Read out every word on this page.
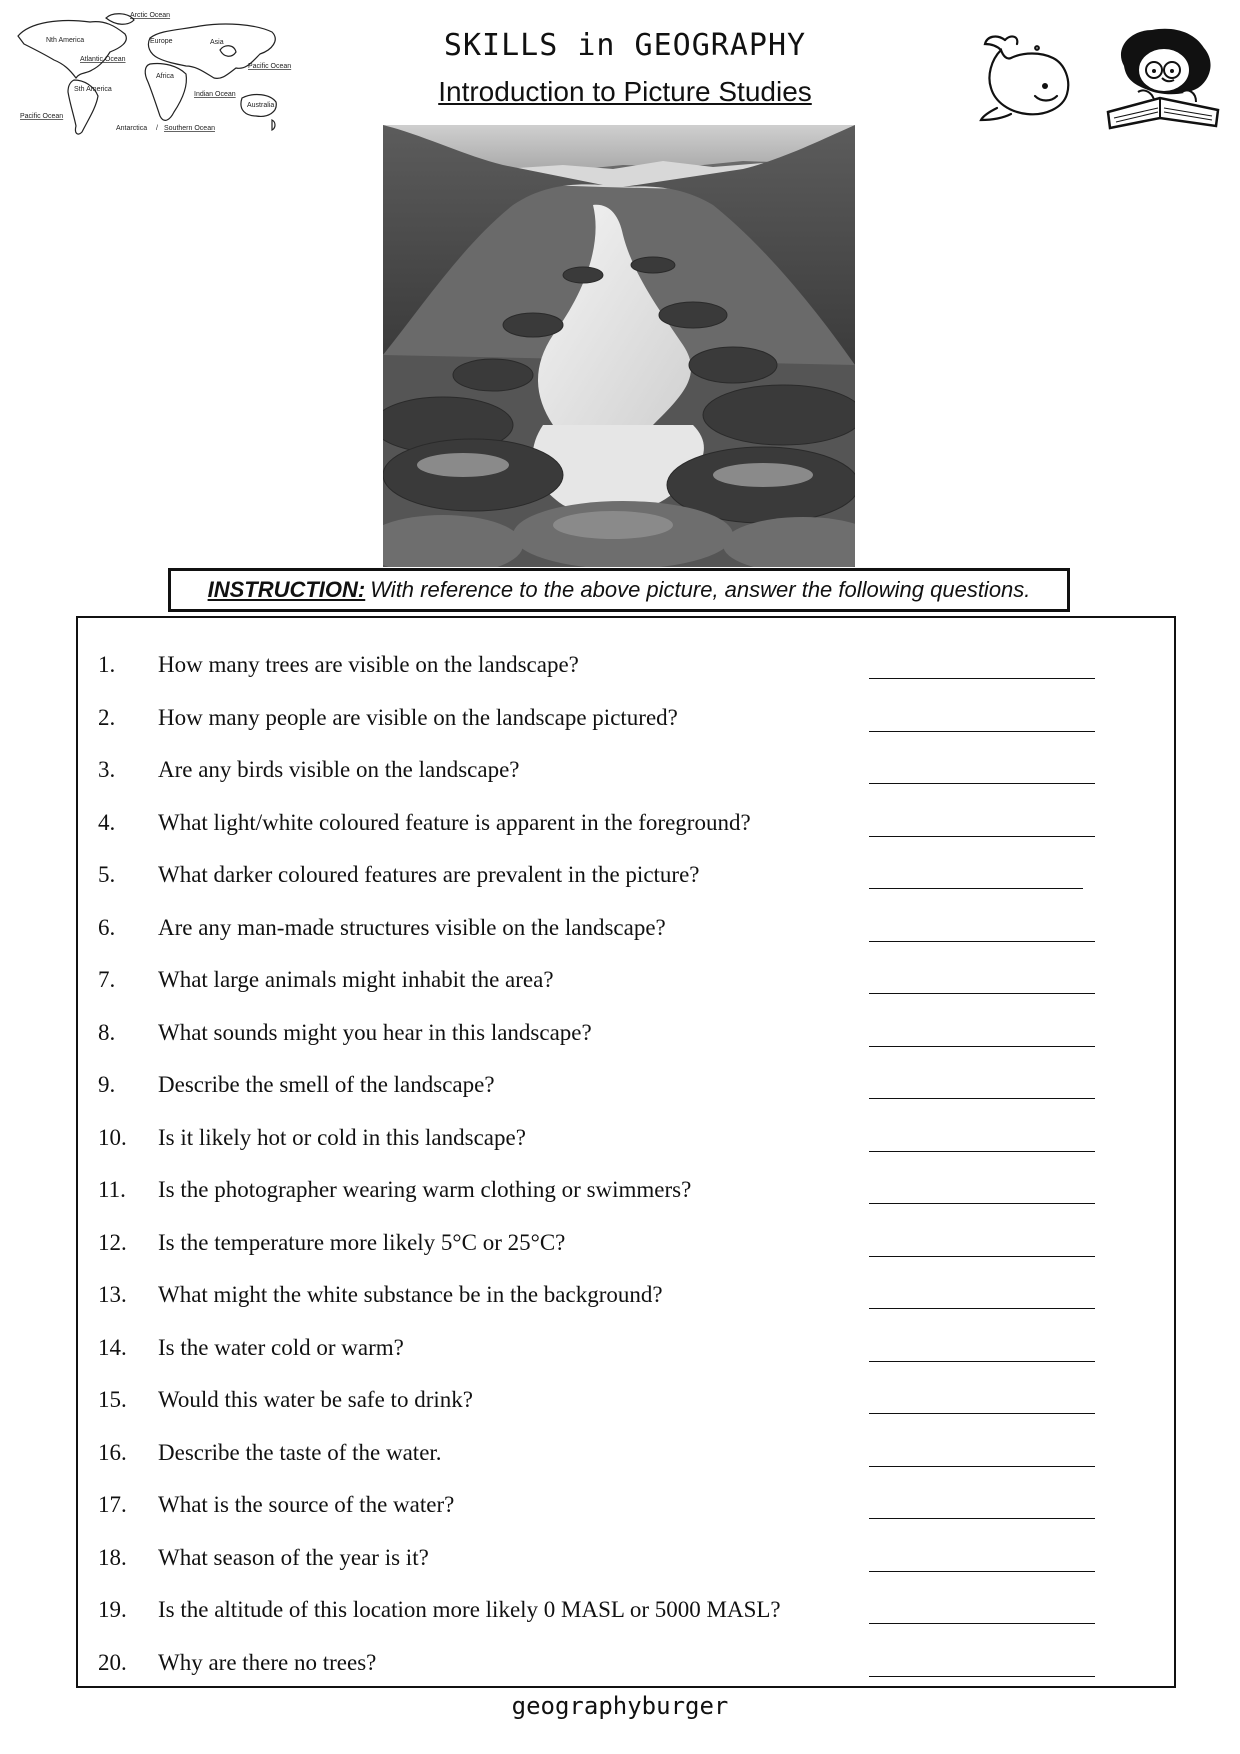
Arctic Ocean
Nth America	Europe	Asia
Atlantic Ocean
Pacific Ocean
Africa
Sth America
Indian Ocean
Australia
Pacific Ocean
Antarctica / Southern Ocean
SKILLS in GEOGRAPHY
Introduction to Picture Studies
INSTRUCTION: With reference to the above picture, answer the following questions.
1. How many trees are visible on the landscape?
2. How many people are visible on the landscape pictured?
3. Are any birds visible on the landscape?
4. What light/white coloured feature is apparent in the foreground?
5. What darker coloured features are prevalent in the picture?
6. Are any man-made structures visible on the landscape?
7. What large animals might inhabit the area?
8. What sounds might you hear in this landscape?
9. Describe the smell of the landscape?
10. Is it likely hot or cold in this landscape?
11. Is the photographer wearing warm clothing or swimmers?
12. Is the temperature more likely 5°C or 25°C?
13. What might the white substance be in the background?
14. Is the water cold or warm?
15. Would this water be safe to drink?
16. Describe the taste of the water.
17. What is the source of the water?
18. What season of the year is it?
19. Is the altitude of this location more likely 0 MASL or 5000 MASL?
20. Why are there no trees?
geographyburger
